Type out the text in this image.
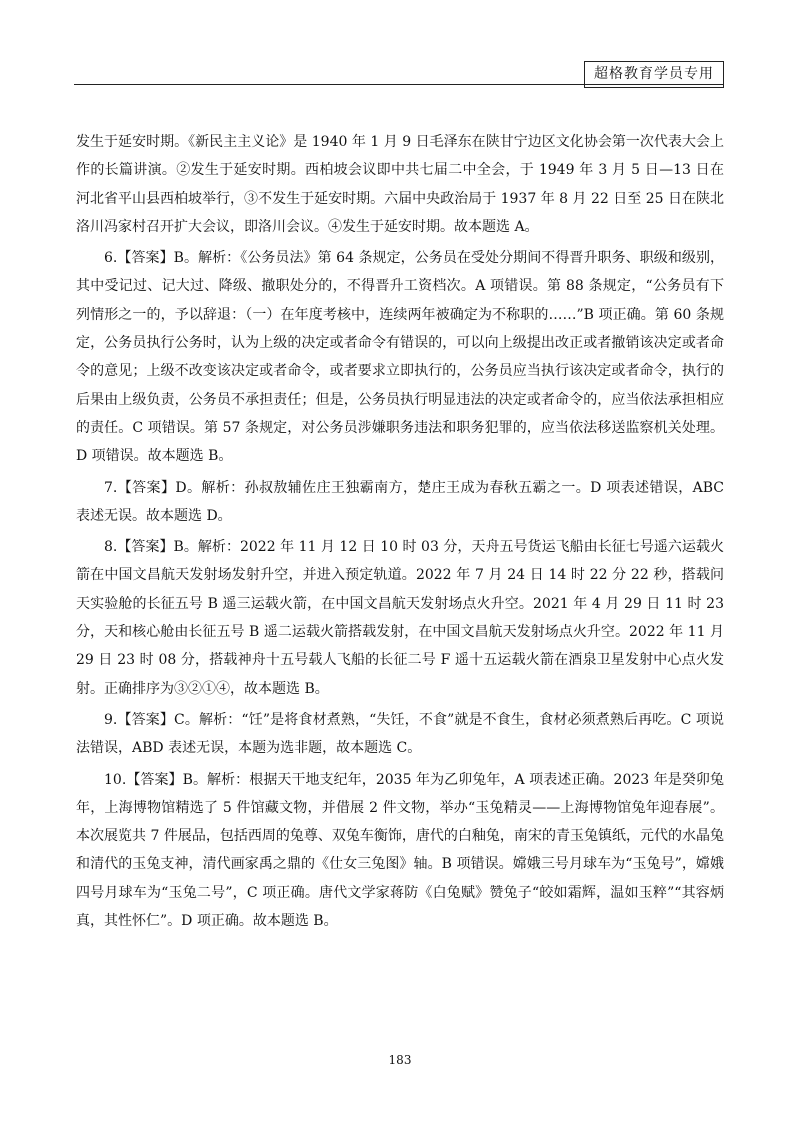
超格教育学员专用

发生于延安时期。《新民主主义论》是 1940 年 1 月 9 日毛泽东在陕甘宁边区文化协会第一次代表大会上作的长篇讲演。②发生于延安时期。西柏坡会议即中共七届二中全会，于 1949 年 3 月 5 日—13 日在河北省平山县西柏坡举行，③不发生于延安时期。六届中央政治局于 1937 年 8 月 22 日至 25 日在陕北洛川冯家村召开扩大会议，即洛川会议。④发生于延安时期。故本题选 A。

6.【答案】B。解析：《公务员法》第 64 条规定，公务员在受处分期间不得晋升职务、职级和级别，其中受记过、记大过、降级、撤职处分的，不得晋升工资档次。A 项错误。第 88 条规定，“公务员有下列情形之一的，予以辞退：（一）在年度考核中，连续两年被确定为不称职的……”B 项正确。第 60 条规定，公务员执行公务时，认为上级的决定或者命令有错误的，可以向上级提出改正或者撤销该决定或者命令的意见；上级不改变该决定或者命令，或者要求立即执行的，公务员应当执行该决定或者命令，执行的后果由上级负责，公务员不承担责任；但是，公务员执行明显违法的决定或者命令的，应当依法承担相应的责任。C 项错误。第 57 条规定，对公务员涉嫌职务违法和职务犯罪的，应当依法移送监察机关处理。D 项错误。故本题选 B。

7.【答案】D。解析：孙叔敖辅佐庄王独霸南方，楚庄王成为春秋五霸之一。D 项表述错误，ABC 表述无误。故本题选 D。

8.【答案】B。解析：2022 年 11 月 12 日 10 时 03 分，天舟五号货运飞船由长征七号遥六运载火箭在中国文昌航天发射场发射升空，并进入预定轨道。2022 年 7 月 24 日 14 时 22 分 22 秒，搭载问天实验舱的长征五号 B 遥三运载火箭，在中国文昌航天发射场点火升空。2021 年 4 月 29 日 11 时 23 分，天和核心舱由长征五号 B 遥二运载火箭搭载发射，在中国文昌航天发射场点火升空。2022 年 11 月 29 日 23 时 08 分，搭载神舟十五号载人飞船的长征二号 F 遥十五运载火箭在酒泉卫星发射中心点火发射。正确排序为③②①④，故本题选 B。

9.【答案】C。解析：“饪”是将食材煮熟，“失饪，不食”就是不食生，食材必须煮熟后再吃。C 项说法错误，ABD 表述无误，本题为选非题，故本题选 C。

10.【答案】B。解析：根据天干地支纪年，2035 年为乙卯兔年，A 项表述正确。2023 年是癸卯兔年，上海博物馆精选了 5 件馆藏文物，并借展 2 件文物，举办“玉兔精灵——上海博物馆兔年迎春展”。本次展览共 7 件展品，包括西周的兔尊、双兔车衡饰，唐代的白釉兔，南宋的青玉兔镇纸，元代的水晶兔和清代的玉兔支神，清代画家禹之鼎的《仕女三兔图》轴。B 项错误。嫦娥三号月球车为“玉兔号”，嫦娥四号月球车为“玉兔二号”，C 项正确。唐代文学家蒋防《白兔赋》赞兔子“皎如霜辉，温如玉粹”“其容炳真，其性怀仁”。D 项正确。故本题选 B。

183
